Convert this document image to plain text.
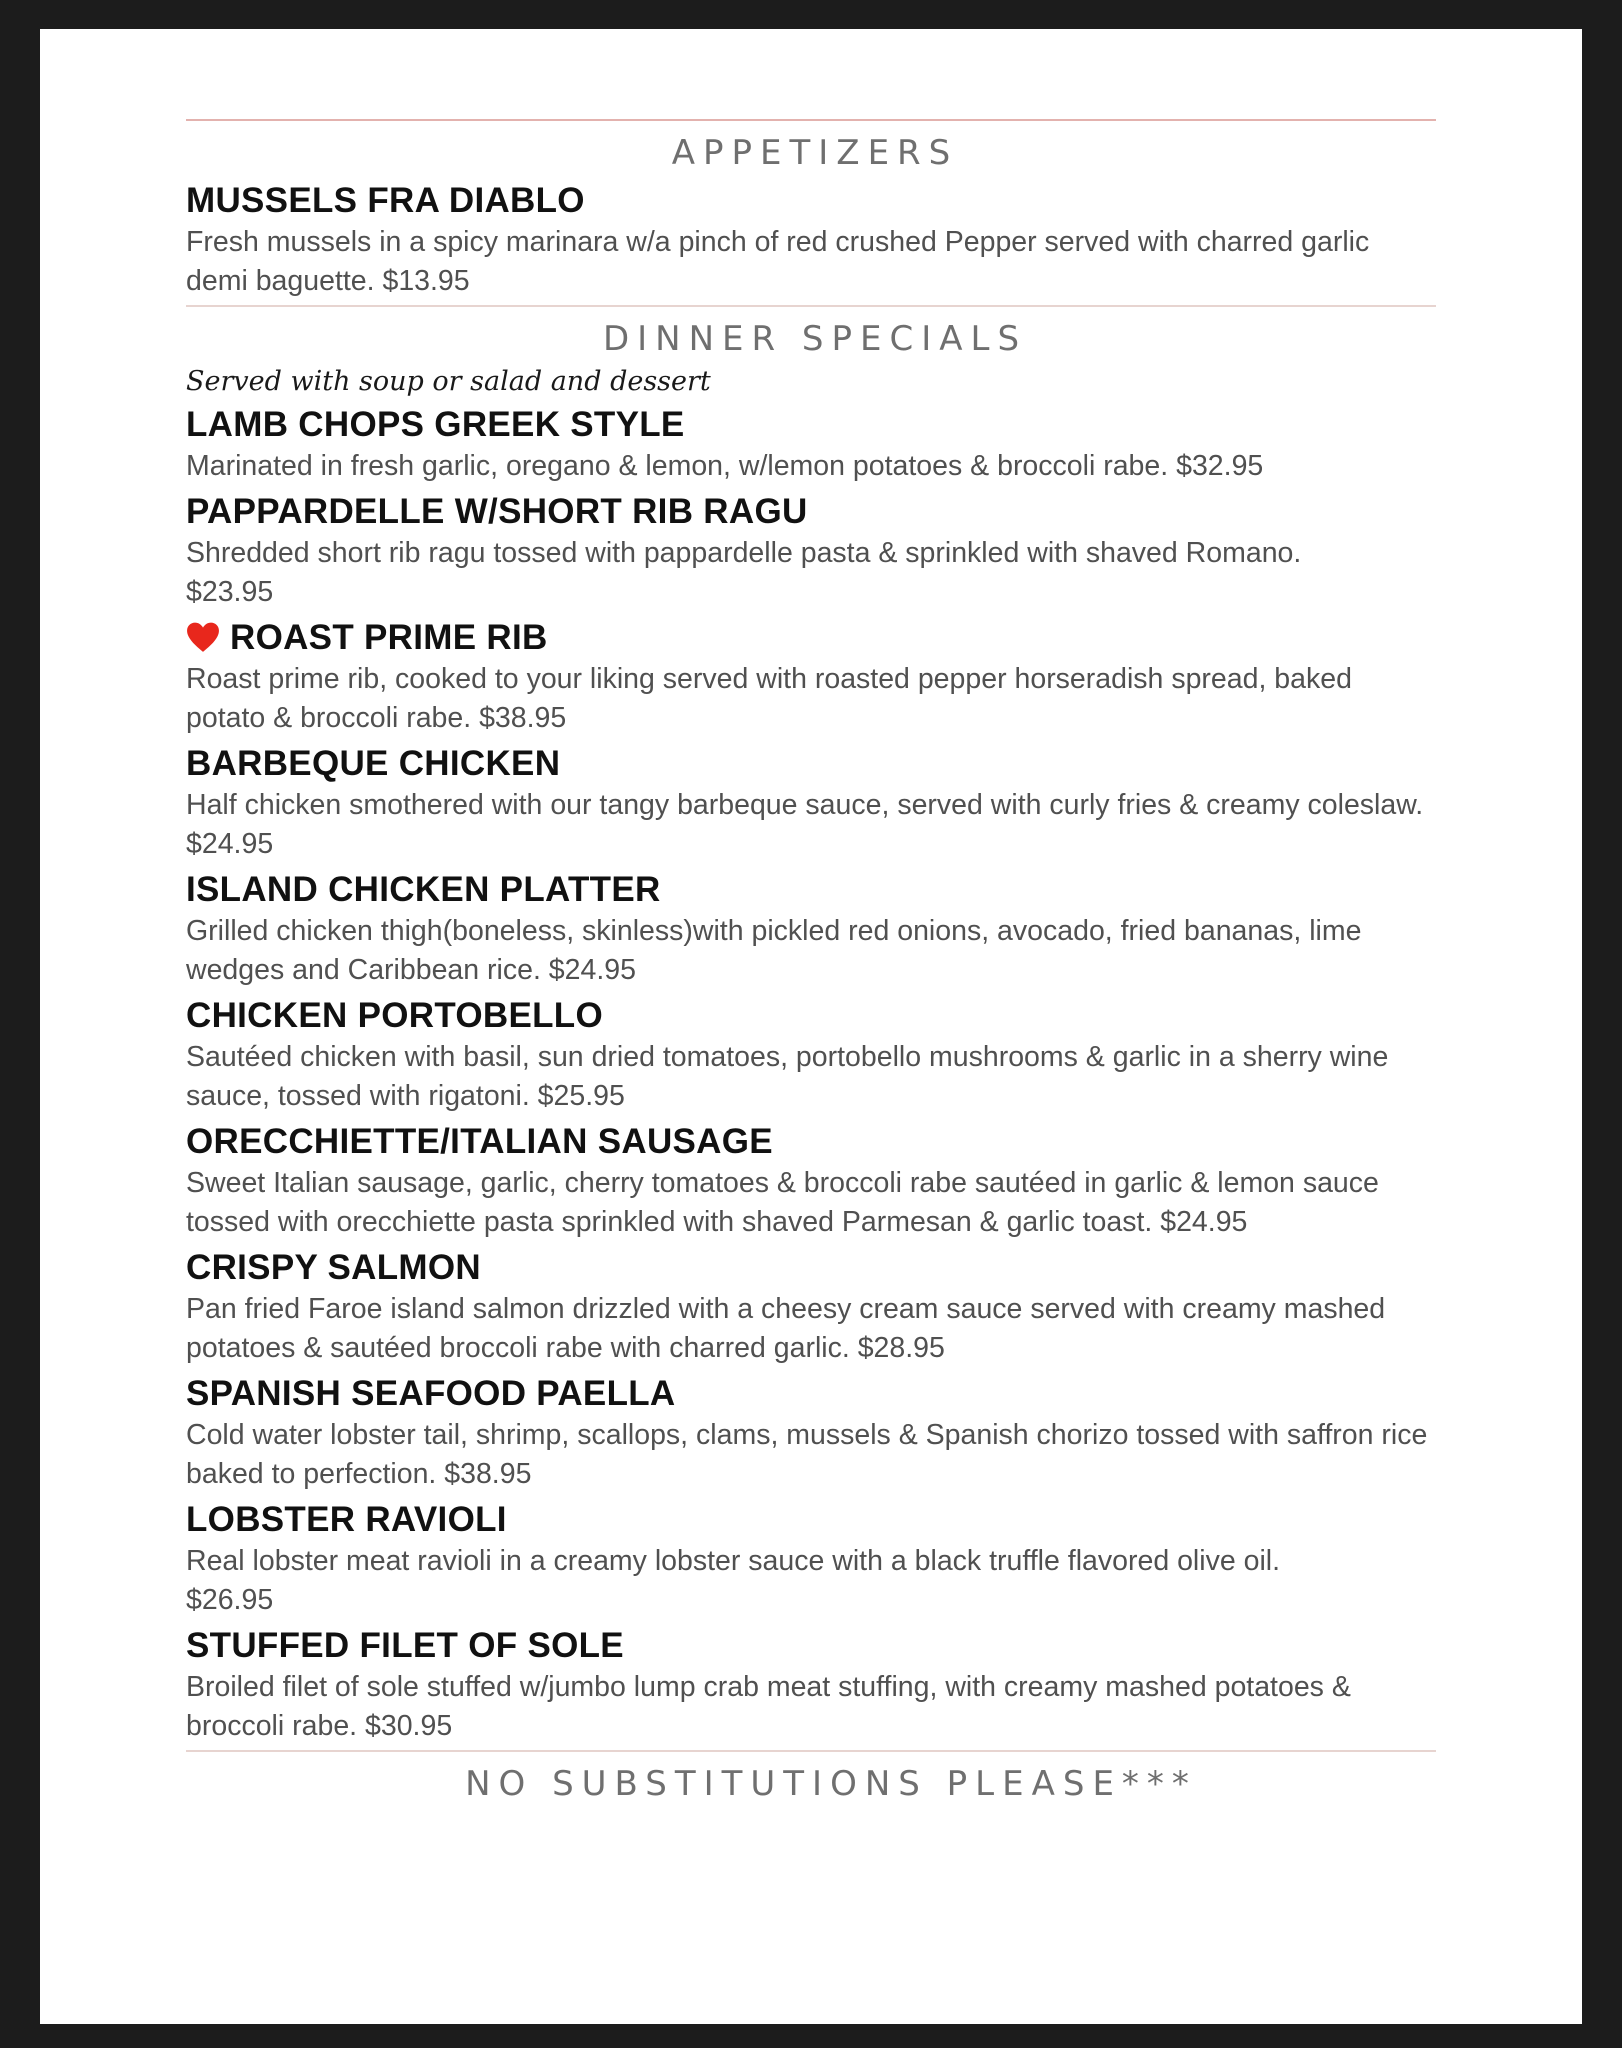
APPETIZERS
MUSSELS FRA DIABLO
Fresh mussels in a spicy marinara w/a pinch of red crushed Pepper served with charred garlic demi baguette. $13.95
DINNER SPECIALS
Served with soup or salad and dessert
LAMB CHOPS GREEK STYLE
Marinated in fresh garlic, oregano & lemon, w/lemon potatoes & broccoli rabe. $32.95
PAPPARDELLE W/SHORT RIB RAGU
Shredded short rib ragu tossed with pappardelle pasta & sprinkled with shaved Romano.
$23.95
ROAST PRIME RIB
Roast prime rib, cooked to your liking served with roasted pepper horseradish spread, baked potato & broccoli rabe. $38.95
BARBEQUE CHICKEN
Half chicken smothered with our tangy barbeque sauce, served with curly fries & creamy coleslaw. $24.95
ISLAND CHICKEN PLATTER
Grilled chicken thigh(boneless, skinless)with pickled red onions, avocado, fried bananas, lime wedges and Caribbean rice. $24.95
CHICKEN PORTOBELLO
Sautéed chicken with basil, sun dried tomatoes, portobello mushrooms & garlic in a sherry wine sauce, tossed with rigatoni. $25.95
ORECCHIETTE/ITALIAN SAUSAGE
Sweet Italian sausage, garlic, cherry tomatoes & broccoli rabe sautéed in garlic & lemon sauce tossed with orecchiette pasta sprinkled with shaved Parmesan & garlic toast. $24.95
CRISPY SALMON
Pan fried Faroe island salmon drizzled with a cheesy cream sauce served with creamy mashed potatoes & sautéed broccoli rabe with charred garlic. $28.95
SPANISH SEAFOOD PAELLA
Cold water lobster tail, shrimp, scallops, clams, mussels & Spanish chorizo tossed with saffron rice baked to perfection. $38.95
LOBSTER RAVIOLI
Real lobster meat ravioli in a creamy lobster sauce with a black truffle flavored olive oil.
$26.95
STUFFED FILET OF SOLE
Broiled filet of sole stuffed w/jumbo lump crab meat stuffing, with creamy mashed potatoes & broccoli rabe. $30.95
NO SUBSTITUTIONS PLEASE***
